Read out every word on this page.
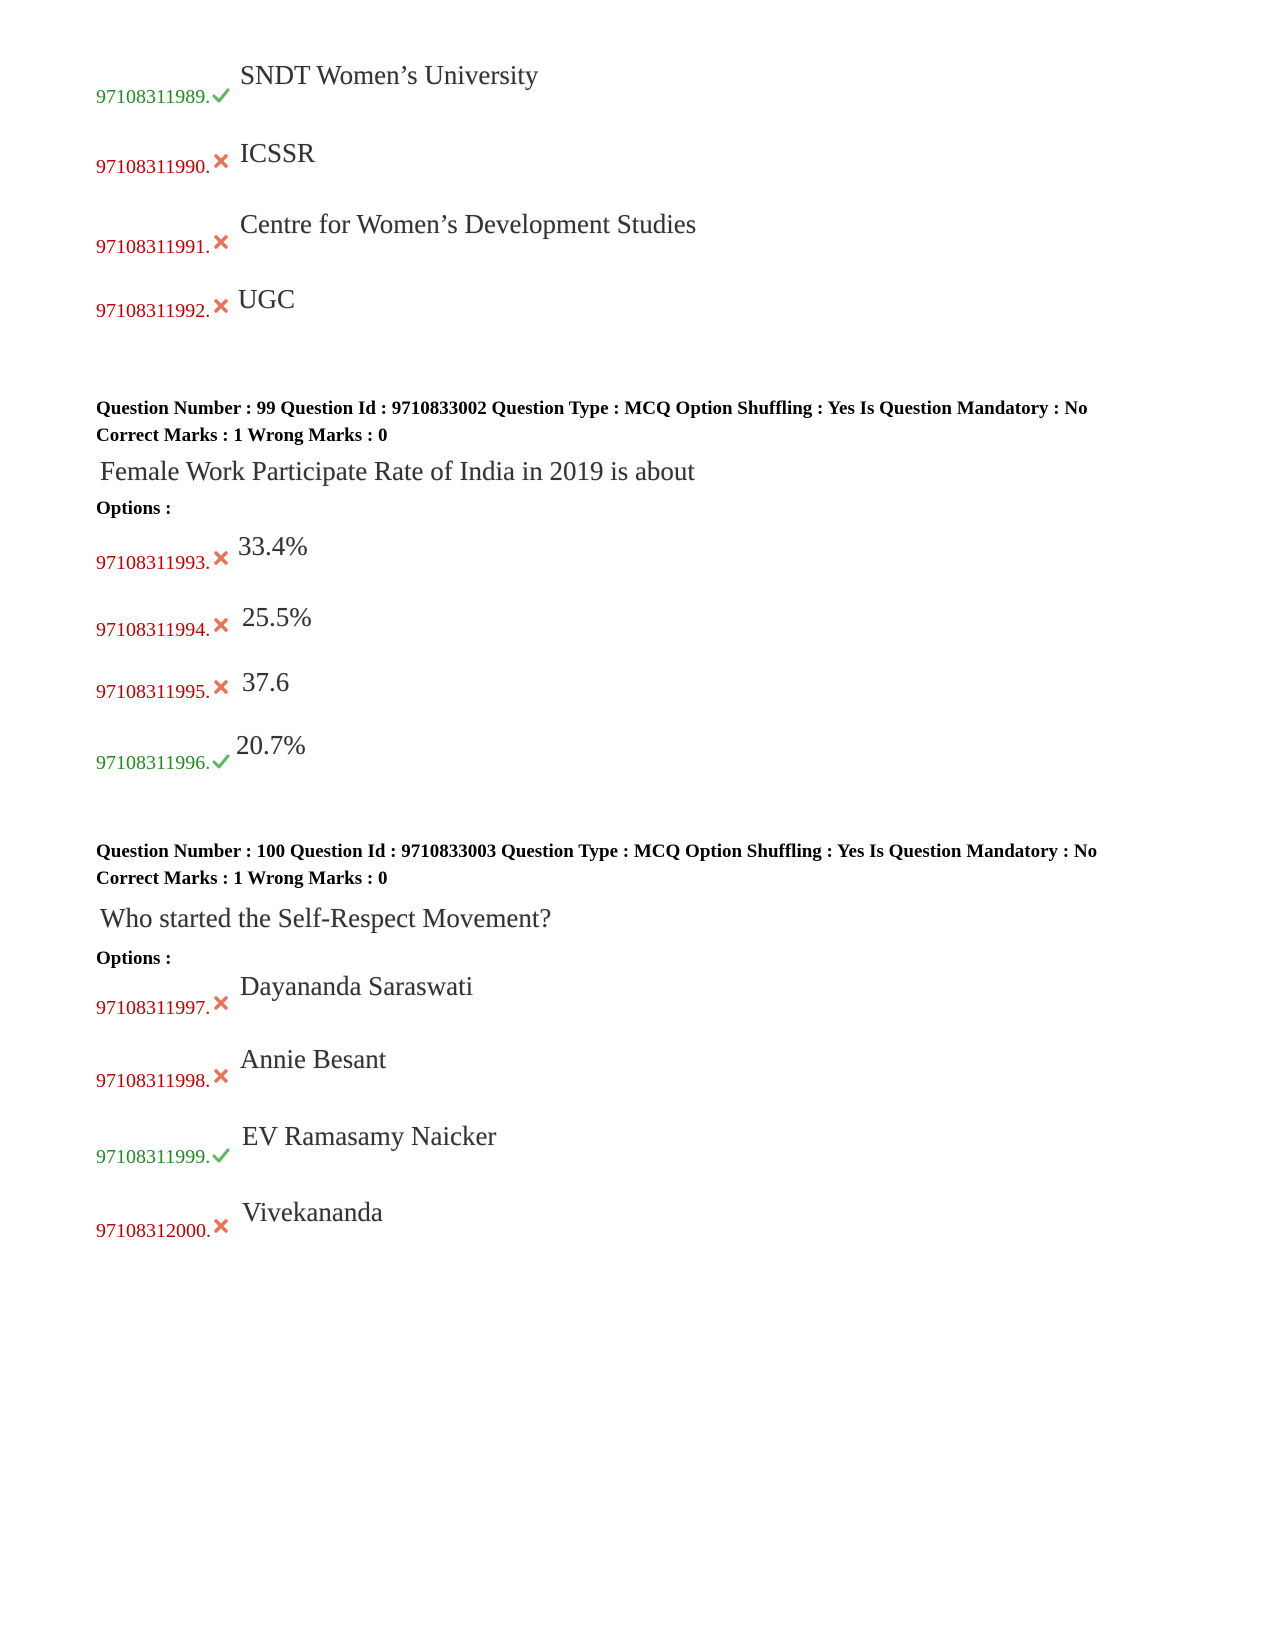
97108311989.
SNDT Women’s University
97108311990. ICSSR
97108311991.
Centre for Women’s Development Studies
97108311992. UGC
Question Number : 99 Question Id : 9710833002 Question Type : MCQ Option Shuffling : Yes Is Question Mandatory : No
Correct Marks : 1 Wrong Marks : 0
Female Work Participate Rate of India in 2019 is about
Options :
97108311993.
33.4%
97108311994. 25.5%
97108311995. 37.6
97108311996.
20.7%
Question Number : 100 Question Id : 9710833003 Question Type : MCQ Option Shuffling : Yes Is Question Mandatory : No
Correct Marks : 1 Wrong Marks : 0
Who started the Self-Respect Movement?
Options :
97108311997.
Dayananda Saraswati
97108311998.
Annie Besant
97108311999.
EV Ramasamy Naicker
97108312000.
Vivekananda
